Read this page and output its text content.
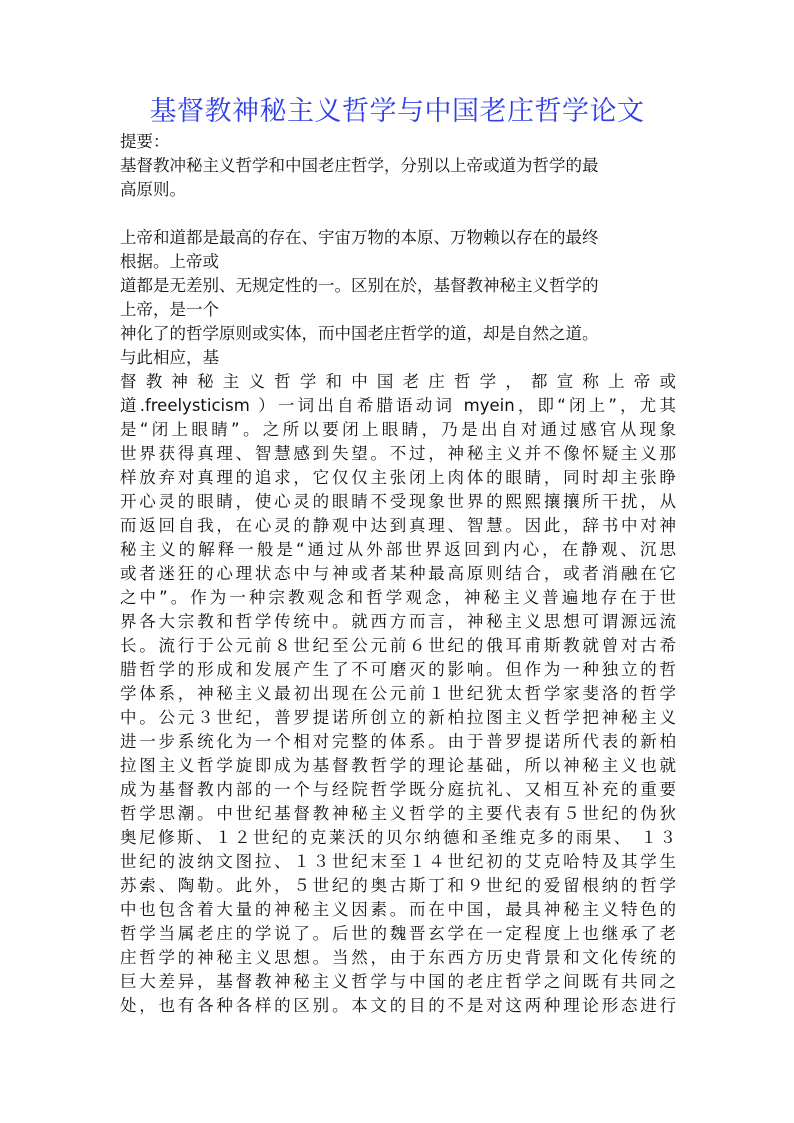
基督教神秘主义哲学与中国老庄哲学论文

提要：

基督教冲秘主义哲学和中国老庄哲学，分别以上帝或道为哲学的最

高原则。

上帝和道都是最高的存在、宇宙万物的本原、万物赖以存在的最终

根据。上帝或

道都是无差别、无规定性的一。区别在於，基督教神秘主义哲学的

上帝，是一个

神化了的哲学原则或实体，而中国老庄哲学的道，却是自然之道。

与此相应，基

督教神秘主义哲学和中国老庄哲学，都宣称上帝或

道.freelysticism ）一词出自希腊语动词 myein，即“闭上”，尤其

是“闭上眼睛”。之所以要闭上眼睛，乃是出自对通过感官从现象

世界获得真理、智慧感到失望。不过，神秘主义并不像怀疑主义那

样放弃对真理的追求，它仅仅主张闭上肉体的眼睛，同时却主张睁

开心灵的眼睛，使心灵的眼睛不受现象世界的熙熙攘攘所干扰，从

而返回自我，在心灵的静观中达到真理、智慧。因此，辞书中对神

秘主义的解释一般是“通过从外部世界返回到内心，在静观、沉思

或者迷狂的心理状态中与神或者某种最高原则结合，或者消融在它

之中”。作为一种宗教观念和哲学观念，神秘主义普遍地存在于世

界各大宗教和哲学传统中。就西方而言，神秘主义思想可谓源远流

长。流行于公元前８世纪至公元前６世纪的俄耳甫斯教就曾对古希

腊哲学的形成和发展产生了不可磨灭的影响。但作为一种独立的哲

学体系，神秘主义最初出现在公元前１世纪犹太哲学家斐洛的哲学

中。公元３世纪，普罗提诺所创立的新柏拉图主义哲学把神秘主义

进一步系统化为一个相对完整的体系。由于普罗提诺所代表的新柏

拉图主义哲学旋即成为基督教哲学的理论基础，所以神秘主义也就

成为基督教内部的一个与经院哲学既分庭抗礼、又相互补充的重要

哲学思潮。中世纪基督教神秘主义哲学的主要代表有５世纪的伪狄

奥尼修斯、１２世纪的克莱沃的贝尔纳德和圣维克多的雨果、 １３

世纪的波纳文图拉、１３世纪末至１４世纪初的艾克哈特及其学生

苏索、陶勒。此外，５世纪的奥古斯丁和９世纪的爱留根纳的哲学

中也包含着大量的神秘主义因素。而在中国，最具神秘主义特色的

哲学当属老庄的学说了。后世的魏晋玄学在一定程度上也继承了老

庄哲学的神秘主义思想。当然，由于东西方历史背景和文化传统的

巨大差异，基督教神秘主义哲学与中国的老庄哲学之间既有共同之

处，也有各种各样的区别。本文的目的不是对这两种理论形态进行
